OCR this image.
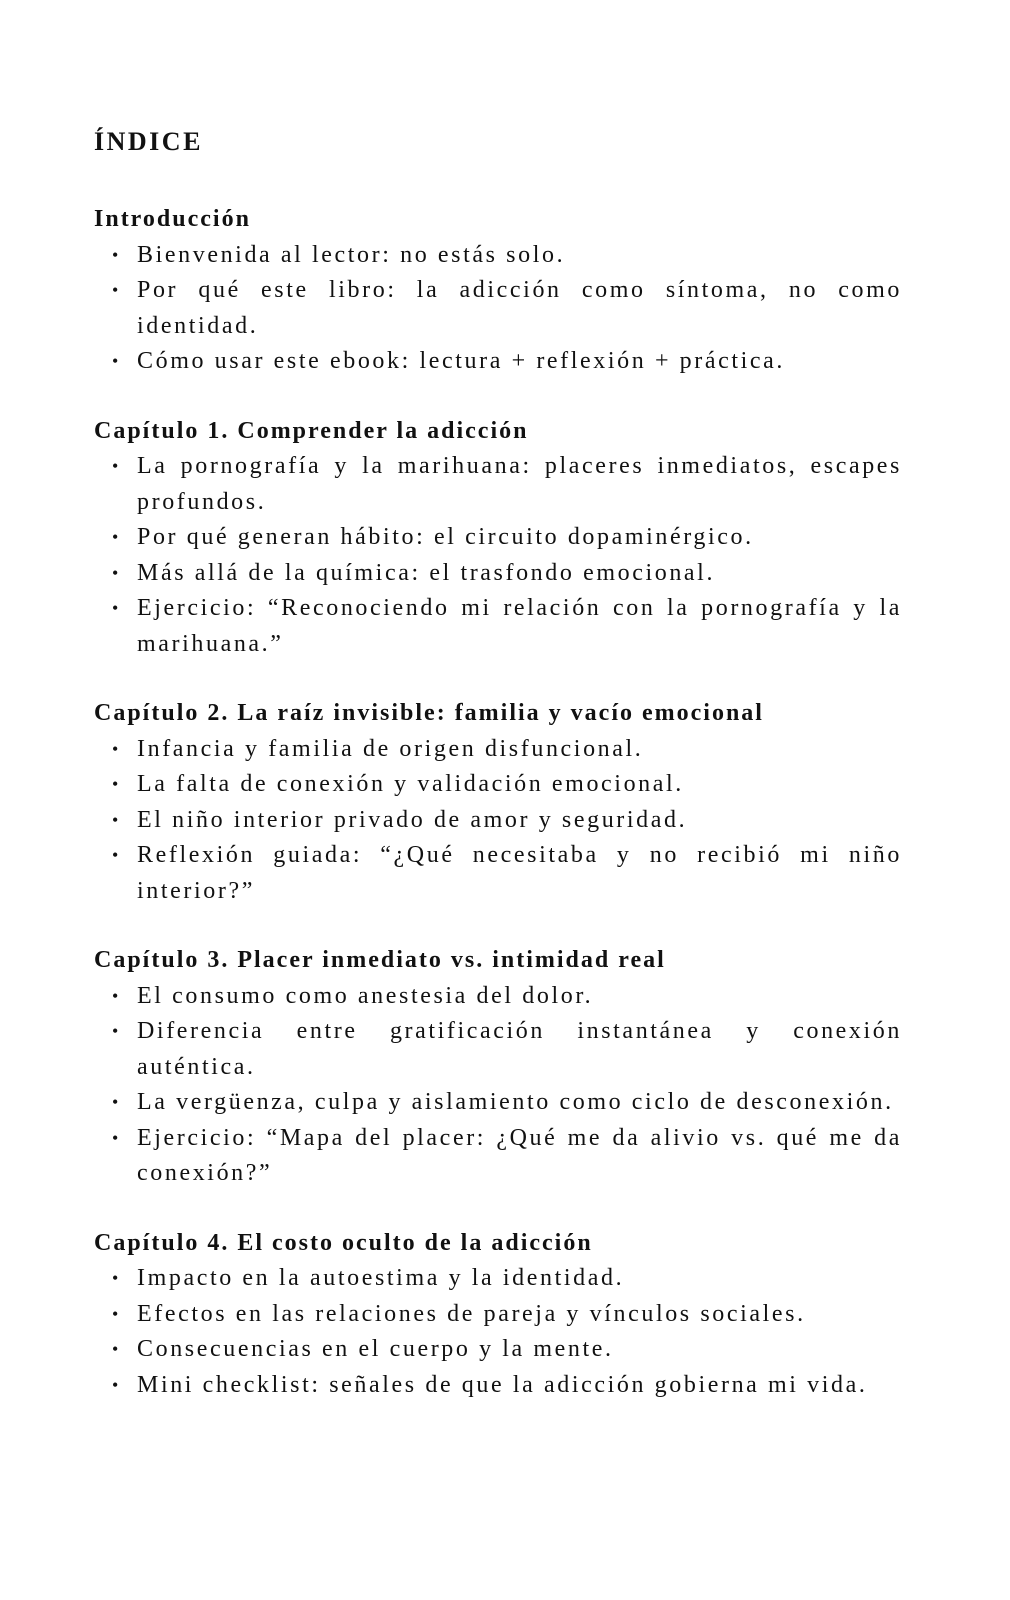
ÍNDICE
Introducción
• Bienvenida al lector: no estás solo.
• Por qué este libro: la adicción como síntoma, no como identidad.
• Cómo usar este ebook: lectura + reflexión + práctica.
Capítulo 1. Comprender la adicción
• La pornografía y la marihuana: placeres inmediatos, escapes profundos.
• Por qué generan hábito: el circuito dopaminérgico.
• Más allá de la química: el trasfondo emocional.
• Ejercicio: “Reconociendo mi relación con la pornografía y la marihuana.”
Capítulo 2. La raíz invisible: familia y vacío emocional
• Infancia y familia de origen disfuncional.
• La falta de conexión y validación emocional.
• El niño interior privado de amor y seguridad.
• Reflexión guiada: “¿Qué necesitaba y no recibió mi niño interior?”
Capítulo 3. Placer inmediato vs. intimidad real
• El consumo como anestesia del dolor.
• Diferencia entre gratificación instantánea y conexión auténtica.
• La vergüenza, culpa y aislamiento como ciclo de desconexión.
• Ejercicio: “Mapa del placer: ¿Qué me da alivio vs. qué me da conexión?”
Capítulo 4. El costo oculto de la adicción
• Impacto en la autoestima y la identidad.
• Efectos en las relaciones de pareja y vínculos sociales.
• Consecuencias en el cuerpo y la mente.
• Mini checklist: señales de que la adicción gobierna mi vida.
